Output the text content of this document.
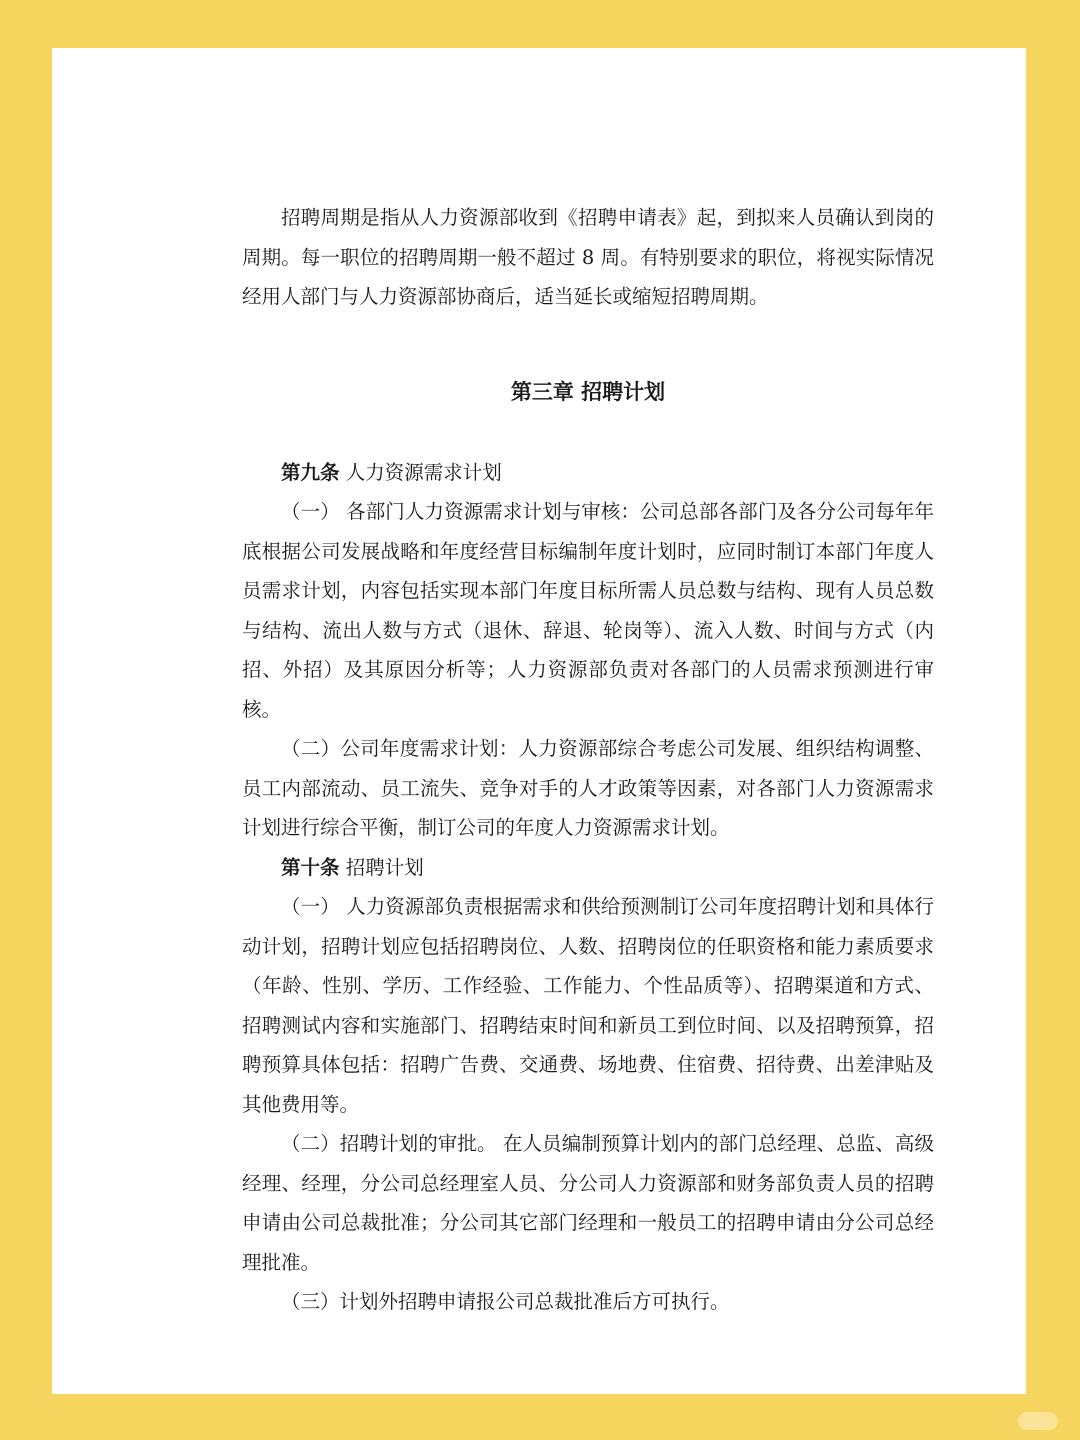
招聘周期是指从人力资源部收到《招聘申请表》起，到拟来人员确认到岗的周期。每一职位的招聘周期一般不超过 8 周。有特别要求的职位，将视实际情况经用人部门与人力资源部协商后，适当延长或缩短招聘周期。

第三章 招聘计划

第九条 人力资源需求计划

（一） 各部门人力资源需求计划与审核：公司总部各部门及各分公司每年年底根据公司发展战略和年度经营目标编制年度计划时，应同时制订本部门年度人员需求计划，内容包括实现本部门年度目标所需人员总数与结构、现有人员总数与结构、流出人数与方式（退休、辞退、轮岗等）、流入人数、时间与方式（内招、外招）及其原因分析等；人力资源部负责对各部门的人员需求预测进行审核。

（二）公司年度需求计划：人力资源部综合考虑公司发展、组织结构调整、员工内部流动、员工流失、竞争对手的人才政策等因素，对各部门人力资源需求计划进行综合平衡，制订公司的年度人力资源需求计划。

第十条 招聘计划

（一） 人力资源部负责根据需求和供给预测制订公司年度招聘计划和具体行动计划，招聘计划应包括招聘岗位、人数、招聘岗位的任职资格和能力素质要求（年龄、性别、学历、工作经验、工作能力、个性品质等）、招聘渠道和方式、招聘测试内容和实施部门、招聘结束时间和新员工到位时间、以及招聘预算，招聘预算具体包括：招聘广告费、交通费、场地费、住宿费、招待费、出差津贴及其他费用等。

（二）招聘计划的审批。 在人员编制预算计划内的部门总经理、总监、高级经理、经理，分公司总经理室人员、分公司人力资源部和财务部负责人员的招聘申请由公司总裁批准；分公司其它部门经理和一般员工的招聘申请由分公司总经理批准。

（三）计划外招聘申请报公司总裁批准后方可执行。
